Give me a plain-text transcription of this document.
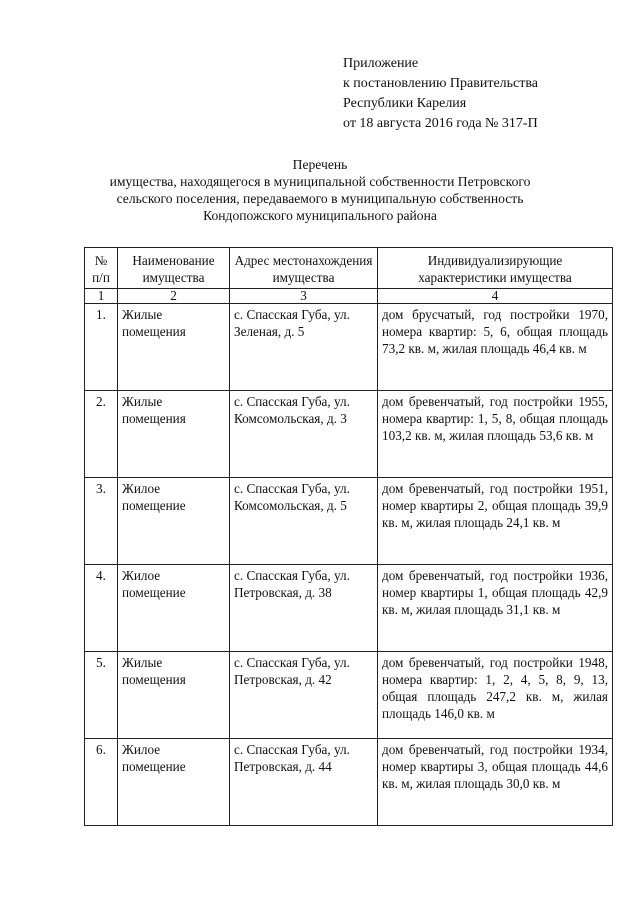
Приложение
к постановлению Правительства
Республики Карелия
от 18 августа 2016 года № 317-П
Перечень
имущества, находящегося в муниципальной собственности Петровского
сельского поселения, передаваемого в муниципальную собственность
Кондопожского муниципального района
№ п/п	Наименование имущества	Адрес местонахождения имущества	Индивидуализирующие характеристики имущества
1	2	3	4
1.	Жилые помещения	с. Спасская Губа, ул. Зеленая, д. 5	дом брусчатый, год постройки 1970, номера квартир: 5, 6, общая площадь 73,2 кв. м, жилая площадь 46,4 кв. м
2.	Жилые помещения	с. Спасская Губа, ул. Комсомольская, д. 3	дом бревенчатый, год постройки 1955, номера квартир: 1, 5, 8, общая площадь 103,2 кв. м, жилая площадь 53,6 кв. м
3.	Жилое помещение	с. Спасская Губа, ул. Комсомольская, д. 5	дом бревенчатый, год постройки 1951, номер квартиры 2, общая площадь 39,9 кв. м, жилая площадь 24,1 кв. м
4.	Жилое помещение	с. Спасская Губа, ул. Петровская, д. 38	дом бревенчатый, год постройки 1936, номер квартиры 1, общая площадь 42,9 кв. м, жилая площадь 31,1 кв. м
5.	Жилые помещения	с. Спасская Губа, ул. Петровская, д. 42	дом бревенчатый, год постройки 1948, номера квартир: 1, 2, 4, 5, 8, 9, 13, общая площадь 247,2 кв. м, жилая площадь 146,0 кв. м
6.	Жилое помещение	с. Спасская Губа, ул. Петровская, д. 44	дом бревенчатый, год постройки 1934, номер квартиры 3, общая площадь 44,6 кв. м, жилая площадь 30,0 кв. м
